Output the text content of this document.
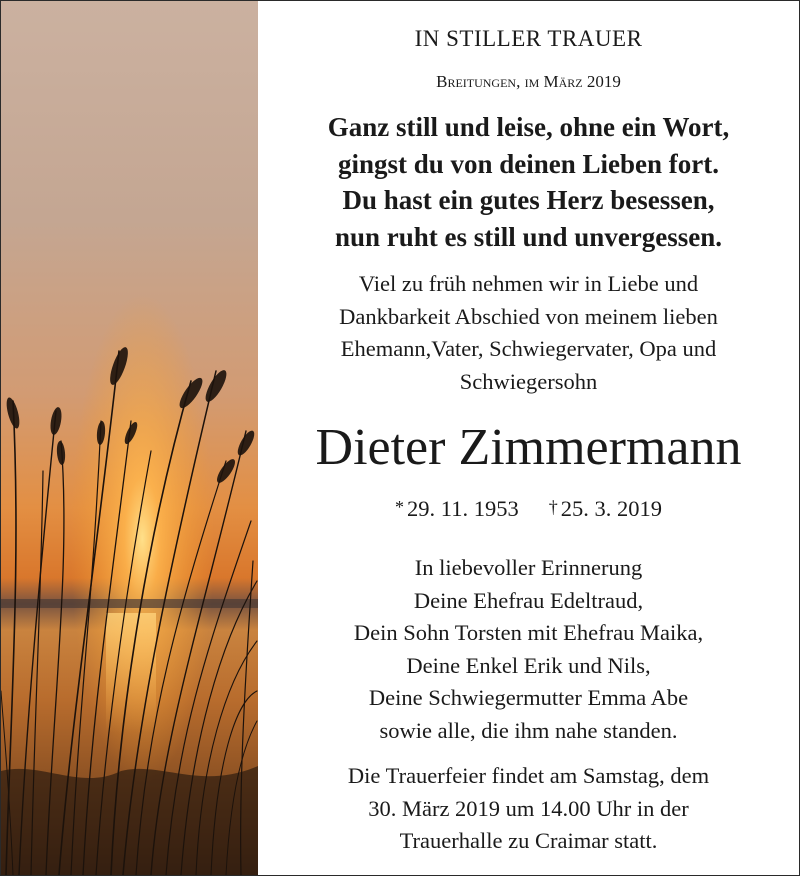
IN STILLER TRAUER
Breitungen, im März 2019
Ganz still und leise, ohne ein Wort,
gingst du von deinen Lieben fort.
Du hast ein gutes Herz besessen,
nun ruht es still und unvergessen.
Viel zu früh nehmen wir in Liebe und
Dankbarkeit Abschied von meinem lieben
Ehemann,Vater, Schwiegervater, Opa und
Schwiegersohn
Dieter Zimmermann
* 29. 11. 1953 † 25. 3. 2019
In liebevoller Erinnerung
Deine Ehefrau Edeltraud,
Dein Sohn Torsten mit Ehefrau Maika,
Deine Enkel Erik und Nils,
Deine Schwiegermutter Emma Abe
sowie alle, die ihm nahe standen.
Die Trauerfeier findet am Samstag, dem
30. März 2019 um 14.00 Uhr in der
Trauerhalle zu Craimar statt.
